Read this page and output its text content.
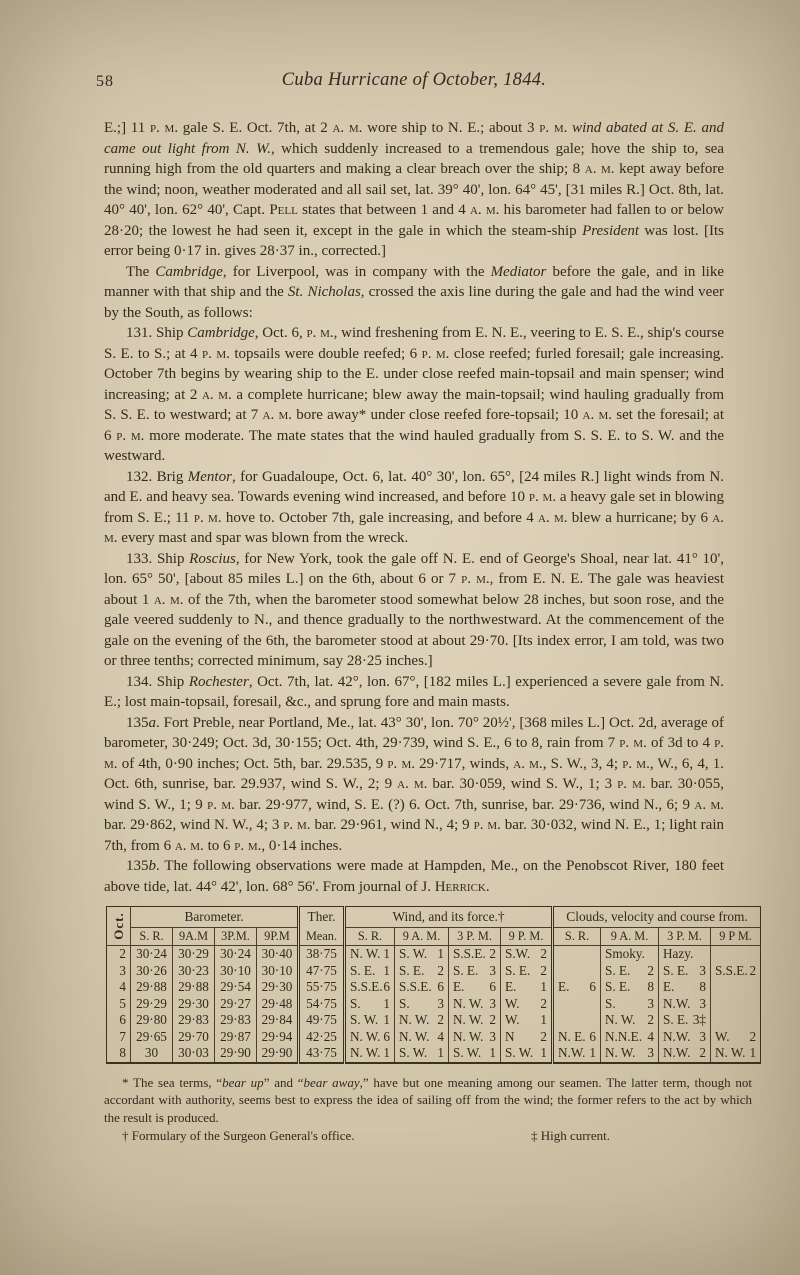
58	Cuba Hurricane of October, 1844.

E.;] 11 p. m. gale S. E. Oct. 7th, at 2 a. m. wore ship to N. E.; about 3 p. m. wind abated at S. E. and came out light from N. W., which suddenly increased to a tremendous gale; hove the ship to, sea running high from the old quarters and making a clear breach over the ship; 8 a. m. kept away before the wind; noon, weather moderated and all sail set, lat. 39° 40', lon. 64° 45', [31 miles R.] Oct. 8th, lat. 40° 40', lon. 62° 40', Capt. Pell states that between 1 and 4 a. m. his barometer had fallen to or below 28·20; the lowest he had seen it, except in the gale in which the steam-ship President was lost. [Its error being 0·17 in. gives 28·37 in., corrected.]

The Cambridge, for Liverpool, was in company with the Mediator before the gale, and in like manner with that ship and the St. Nicholas, crossed the axis line during the gale and had the wind veer by the South, as follows:

131. Ship Cambridge, Oct. 6, p. m., wind freshening from E. N. E., veering to E. S. E., ship's course S. E. to S.; at 4 p. m. topsails were double reefed; 6 p. m. close reefed; furled foresail; gale increasing. October 7th begins by wearing ship to the E. under close reefed main-topsail and main spenser; wind increasing; at 2 a. m. a complete hurricane; blew away the main-topsail; wind hauling gradually from S. S. E. to westward; at 7 a. m. bore away* under close reefed fore-topsail; 10 a. m. set the foresail; at 6 p. m. more moderate. The mate states that the wind hauled gradually from S. S. E. to S. W. and the westward.

132. Brig Mentor, for Guadaloupe, Oct. 6, lat. 40° 30', lon. 65°, [24 miles R.] light winds from N. and E. and heavy sea. Towards evening wind increased, and before 10 p. m. a heavy gale set in blowing from S. E.; 11 p. m. hove to. October 7th, gale increasing, and before 4 a. m. blew a hurricane; by 6 a. m. every mast and spar was blown from the wreck.

133. Ship Roscius, for New York, took the gale off N. E. end of George's Shoal, near lat. 41° 10', lon. 65° 50', [about 85 miles L.] on the 6th, about 6 or 7 p. m., from E. N. E. The gale was heaviest about 1 a. m. of the 7th, when the barometer stood somewhat below 28 inches, but soon rose, and the gale veered suddenly to N., and thence gradually to the northwestward. At the commencement of the gale on the evening of the 6th, the barometer stood at about 29·70. [Its index error, I am told, was two or three tenths; corrected minimum, say 28·25 inches.]

134. Ship Rochester, Oct. 7th, lat. 42°, lon. 67°, [182 miles L.] experienced a severe gale from N. E.; lost main-topsail, foresail, &c., and sprung fore and main masts.

135a. Fort Preble, near Portland, Me., lat. 43° 30', lon. 70° 20½', [368 miles L.] Oct. 2d, average of barometer, 30·249; Oct. 3d, 30·155; Oct. 4th, 29·739, wind S. E., 6 to 8, rain from 7 p. m. of 3d to 4 p. m. of 4th, 0·90 inches; Oct. 5th, bar. 29.535, 9 p. m. 29·717, winds, a. m., S. W., 3, 4; p. m., W., 6, 4, 1. Oct. 6th, sunrise, bar. 29.937, wind S. W., 2; 9 a. m. bar. 30·059, wind S. W., 1; 3 p. m. bar. 30·055, wind S. W., 1; 9 p. m. bar. 29·977, wind, S. E. (?) 6. Oct. 7th, sunrise, bar. 29·736, wind N., 6; 9 a. m. bar. 29·862, wind N. W., 4; 3 p. m. bar. 29·961, wind N., 4; 9 p. m. bar. 30·032, wind N. E., 1; light rain 7th, from 6 a. m. to 6 p. m., 0·14 inches.

135b. The following observations were made at Hampden, Me., on the Penobscot River, 180 feet above tide, lat. 44° 42', lon. 68° 56'. From journal of J. Herrick.

Oct.	Barometer.				Ther.	Wind, and its force.†				Clouds, velocity and course from.			
	S. R.	9A.M	3P.M.	9P.M	Mean.	S. R.	9 A. M.	3 P. M.	9 P. M.	S. R.	9 A. M.	3 P. M.	9 P M.
2	30·24	30·29	30·24	30·40	38·75	N. W. 1	S. W. 1	S.S.E. 2	S.W. 2		Smoky.	Hazy.	

3	30·26	30·23	30·10	30·10	47·75	S. E. 1	S. E. 2	S. E. 3	S. E. 2		S. E. 2	S. E. 3	S.S.E. 2

4	29·88	29·88	29·54	29·30	55·75	S.S.E. 6	S.S.E. 6	E. 6	E. 1	E. 6	S. E. 8	E. 8	

5	29·29	29·30	29·27	29·48	54·75	S. 1	S. 3	N. W. 3	W. 2		S. 3	N.W. 3	

6	29·80	29·83	29·83	29·84	49·75	S. W. 1	N. W. 2	N. W. 2	W. 1		N. W. 2	S. E. 3‡	

7	29·65	29·70	29·87	29·94	42·25	N. W. 6	N. W. 4	N. W. 3	N 2	N. E. 6	N.N.E. 4	N.W. 3	W. 2

8	30	30·03	29·90	29·90	43·75	N. W. 1	S. W. 1	S. W. 1	S. W. 1	N.W. 1	N. W. 3	N.W. 2	N. W. 1

* The sea terms, “bear up” and “bear away,” have but one meaning among our seamen. The latter term, though not accordant with authority, seems best to express the idea of sailing off from the wind; the former refers to the act by which the result is produced.

† Formulary of the Surgeon General's office.	‡ High current.
